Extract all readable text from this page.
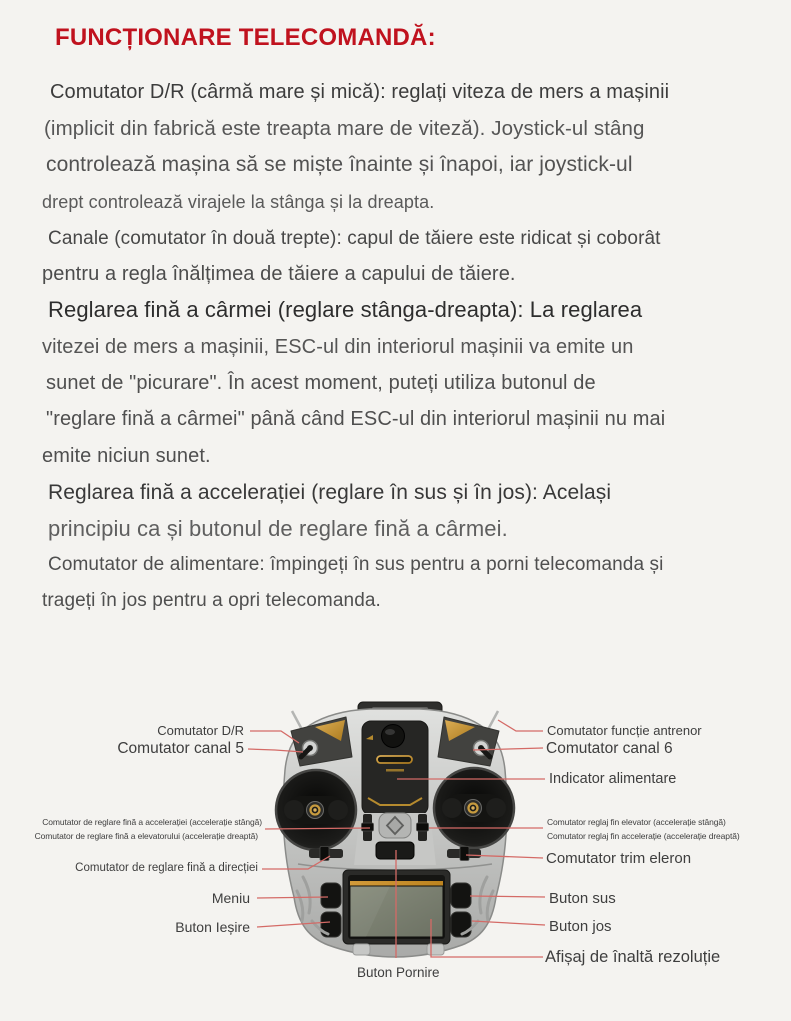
FUNCȚIONARE TELECOMANDĂ:
Comutator D/R (cârmă mare și mică): reglați viteza de mers a mașinii
(implicit din fabrică este treapta mare de viteză). Joystick-ul stâng
controlează mașina să se miște înainte și înapoi, iar joystick-ul
drept controlează virajele la stânga și la dreapta.
Canale (comutator în două trepte): capul de tăiere este ridicat și coborât
pentru a regla înălțimea de tăiere a capului de tăiere.
Reglarea fină a cârmei (reglare stânga-dreapta): La reglarea
vitezei de mers a mașinii, ESC-ul din interiorul mașinii va emite un
sunet de "picurare". În acest moment, puteți utiliza butonul de
"reglare fină a cârmei" până când ESC-ul din interiorul mașinii nu mai
emite niciun sunet.
Reglarea fină a accelerației (reglare în sus și în jos): Același
principiu ca și butonul de reglare fină a cârmei.
Comutator de alimentare: împingeți în sus pentru a porni telecomanda și
trageți în jos pentru a opri telecomanda.
Comutator D/R
Comutator canal 5
Comutator de reglare fină a accelerației (accelerație stângă)
Comutator de reglare fină a elevatorului (accelerație dreaptă)
Comutator de reglare fină a direcției
Meniu
Buton Ieșire
Buton Pornire
Comutator funcție antrenor
Comutator canal 6
Indicator alimentare
Comutator reglaj fin elevator (accelerație stângă)
Comutator reglaj fin accelerație (accelerație dreaptă)
Comutator trim eleron
Buton sus
Buton jos
Afișaj de înaltă rezoluție
